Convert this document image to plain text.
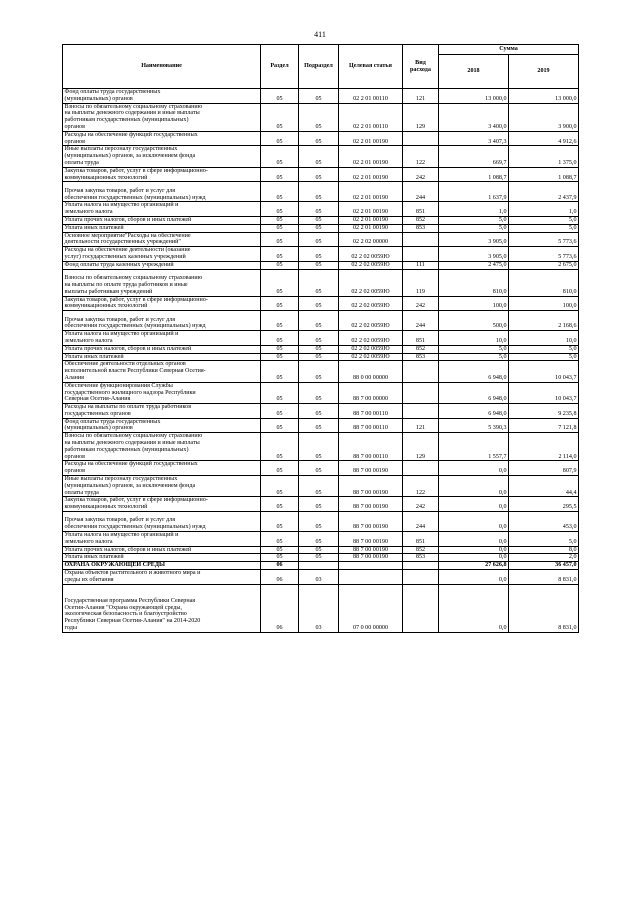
411
Наименование	Раздел	Подраздел	Целевая статья	Вид расхода	Сумма	
					2018	2019
Фонд оплаты труда государственных
(муниципальных) органов	05	05	02 2 01 00110	121	13 000,0	13 000,0
Взносы по обязательному социальному страхованию
на выплаты денежного содержания и иные выплаты
работникам государственных (муниципальных)
органов	05	05	02 2 01 00110	129	3 400,0	3 900,0
Расходы на обеспечение функций государственных
органов	05	05	02 2 01 00190		3 407,3	4 912,6
Иные выплаты персоналу государственных
(муниципальных) органов, за исключением фонда
оплаты труда	05	05	02 2 01 00190	122	669,7	1 375,0
Закупка товаров, работ, услуг в сфере информационно-
коммуникационных технологий	05	05	02 2 01 00190	242	1 088,7	1 088,7
Прочая закупка товаров, работ и услуг для
обеспечения государственных (муниципальных) нужд	05	05	02 2 01 00190	244	1 637,9	2 437,9
Уплата налога на имущество организаций и
земельного налога	05	05	02 2 01 00190	851	1,0	1,0
Уплата прочих налогов, сборов и иных платежей	05	05	02 2 01 00190	852	5,0	5,0
Уплата иных платежей	05	05	02 2 01 00190	853	5,0	5,0
Основное мероприятие"Расходы на обеспечение
деятельности государственных учреждений"	05	05	02 2 02 00000		3 905,0	5 773,6
Расходы на обеспечение деятельности (оказание
услуг) государственных казенных учреждений	05	05	02 2 02 0059Ю		3 905,0	5 773,6
Фонд оплаты труда казенных учреждений	05	05	02 2 02 0059Ю	111	2 475,0	2 675,0
Взносы по обязательному социальному страхованию
на выплаты по оплате труда работников и иные
выплаты работникам учреждений	05	05	02 2 02 0059Ю	119	810,0	810,0
Закупка товаров, работ, услуг в сфере информационно-
коммуникационных технологий	05	05	02 2 02 0059Ю	242	100,0	100,0
Прочая закупка товаров, работ и услуг для
обеспечения государственных (муниципальных) нужд	05	05	02 2 02 0059Ю	244	500,0	2 168,6
Уплата налога на имущество организаций и
земельного налога	05	05	02 2 02 0059Ю	851	10,0	10,0
Уплата прочих налогов, сборов и иных платежей	05	05	02 2 02 0059Ю	852	5,0	5,0
Уплата иных платежей	05	05	02 2 02 0059Ю	853	5,0	5,0
Обеспечение деятельности отдельных органов
исполнительной власти Республики Северная Осетия-
Алания	05	05	88 0 00 00000		6 948,0	10 043,7
Обеспечение функционирования Службы
государственного жилищного надзора Республики
Северная Осетия-Алания	05	05	88 7 00 00000		6 948,0	10 043,7
Расходы на выплаты по оплате труда работников
государственных органов	05	05	88 7 00 00110		6 948,0	9 235,8
Фонд оплаты труда государственных
(муниципальных) органов	05	05	88 7 00 00110	121	5 390,3	7 121,8
Взносы по обязательному социальному страхованию
на выплаты денежного содержания и иные выплаты
работникам государственных (муниципальных)
органов	05	05	88 7 00 00110	129	1 557,7	2 114,0
Расходы на обеспечение функций государственных
органов	05	05	88 7 00 00190		0,0	807,9
Иные выплаты персоналу государственных
(муниципальных) органов, за исключением фонда
оплаты труда	05	05	88 7 00 00190	122	0,0	44,4
Закупка товаров, работ, услуг в сфере информационно-
коммуникационных технологий	05	05	88 7 00 00190	242	0,0	295,5
Прочая закупка товаров, работ и услуг для
обеспечения государственных (муниципальных) нужд	05	05	88 7 00 00190	244	0,0	453,0
Уплата налога на имущество организаций и
земельного налога	05	05	88 7 00 00190	851	0,0	5,0
Уплата прочих налогов, сборов и иных платежей	05	05	88 7 00 00190	852	0,0	8,0
Уплата иных платежей	05	05	88 7 00 00190	853	0,0	2,0
ОХРАНА ОКРУЖАЮЩЕЙ СРЕДЫ	06				27 626,8	36 457,0
Охрана объектов растительного и животного мира и
среды их обитания	06	03			0,0	8 831,0
Государственная программа Республики Северная
Осетия-Алания "Охрана окружающей среды,
экологическая безопасность и благоустройство
Республики Северная Осетия-Алания" на 2014-2020
годы	06	03	07 0 00 00000		0,0	8 831,0
